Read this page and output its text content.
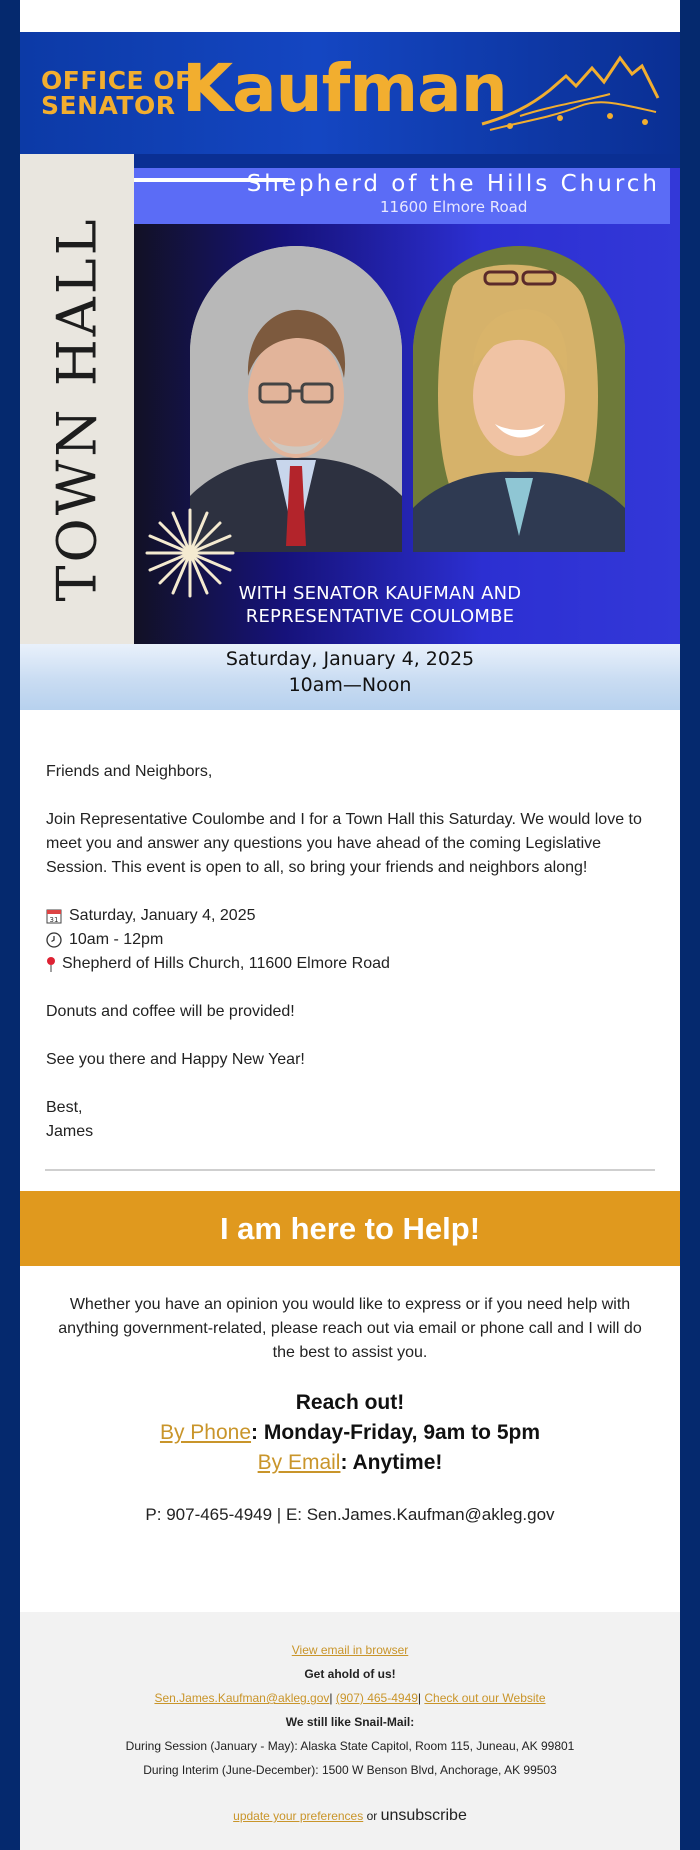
OFFICE OF
SENATOR Kaufman
TOWN HALL
Shepherd of the Hills Church
11600 Elmore Road
WITH SENATOR KAUFMAN AND
REPRESENTATIVE COULOMBE
Saturday, January 4, 2025
10am—Noon

Friends and Neighbors,

Join Representative Coulombe and I for a Town Hall this Saturday. We would love to meet you and answer any questions you have ahead of the coming Legislative Session. This event is open to all, so bring your friends and neighbors along!

31 Saturday, January 4, 2025
10am - 12pm
Shepherd of Hills Church, 11600 Elmore Road

Donuts and coffee will be provided!

See you there and Happy New Year!

Best,
James
I am here to Help!
Whether you have an opinion you would like to express or if you need help with anything government-related, please reach out via email or phone call and I will do the best to assist you.
Reach out!
By Phone: Monday-Friday, 9am to 5pm
By Email: Anytime!
P: 907-465-4949 | E: Sen.James.Kaufman@akleg.gov
View email in browser
Get ahold of us!
Sen.James.Kaufman@akleg.gov| (907) 465-4949| Check out our Website
We still like Snail-Mail:
During Session (January - May): Alaska State Capitol, Room 115, Juneau, AK 99801
During Interim (June-December): 1500 W Benson Blvd, Anchorage, AK 99503
update your preferences or unsubscribe
